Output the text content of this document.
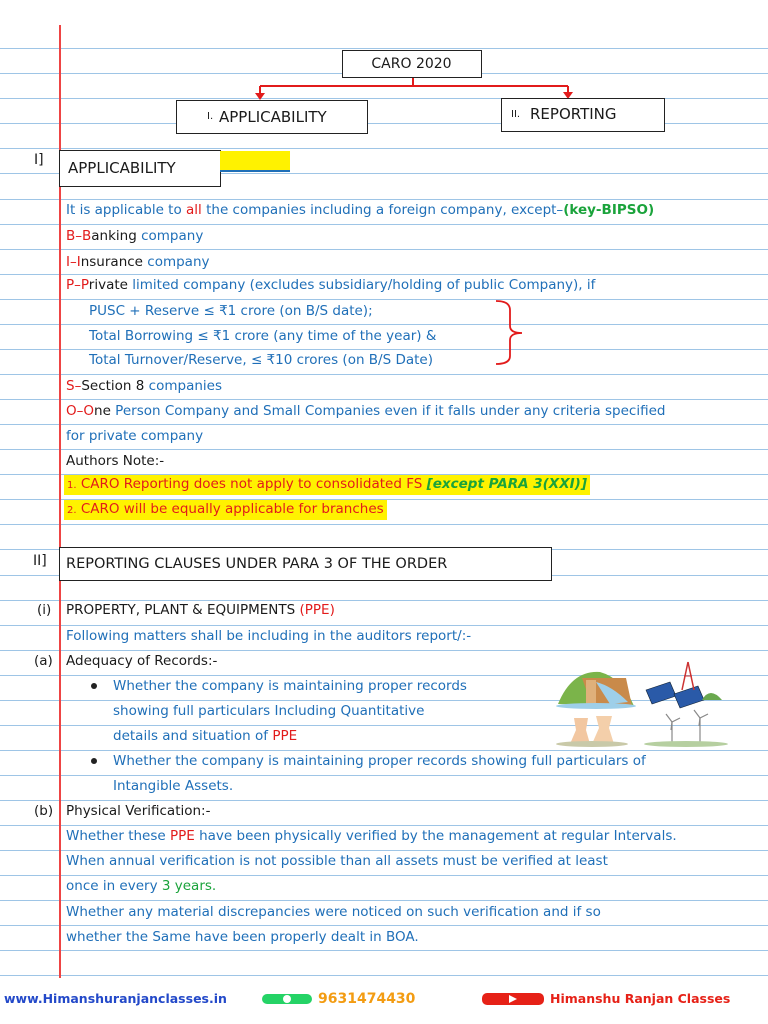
CARO 2020
I. APPLICABILITY	II. REPORTING
I] APPLICABILITY
It is applicable to all the companies including a foreign company, except–(key-BIPSO)
B–Banking company
I–Insurance company
P–Private limited company (excludes subsidiary/holding of public Company), if
PUSC + Reserve ≤ ₹1 crore (on B/S date);
Total Borrowing ≤ ₹1 crore (any time of the year) &
Total Turnover/Reserve, ≤ ₹10 crores (on B/S Date)
S–Section 8 companies
O–One Person Company and Small Companies even if it falls under any criteria specified
for private company
Authors Note:-
1. CARO Reporting does not apply to consolidated FS [except PARA 3(XXI)]
2. CARO will be equally applicable for branches
II] REPORTING CLAUSES UNDER PARA 3 OF THE ORDER
(i) PROPERTY, PLANT & EQUIPMENTS (PPE)
Following matters shall be including in the auditors report/:-
(a) Adequacy of Records:-
Whether the company is maintaining proper records
showing full particulars Including Quantitative
details and situation of PPE
Whether the company is maintaining proper records showing full particulars of
Intangible Assets.
(b) Physical Verification:-
Whether these PPE have been physically verified by the management at regular Intervals.
When annual verification is not possible than all assets must be verified at least
once in every 3 years.
Whether any material discrepancies were noticed on such verification and if so
whether the Same have been properly dealt in BOA.
www.Himanshuranjanclasses.in	9631474430	Himanshu Ranjan Classes
